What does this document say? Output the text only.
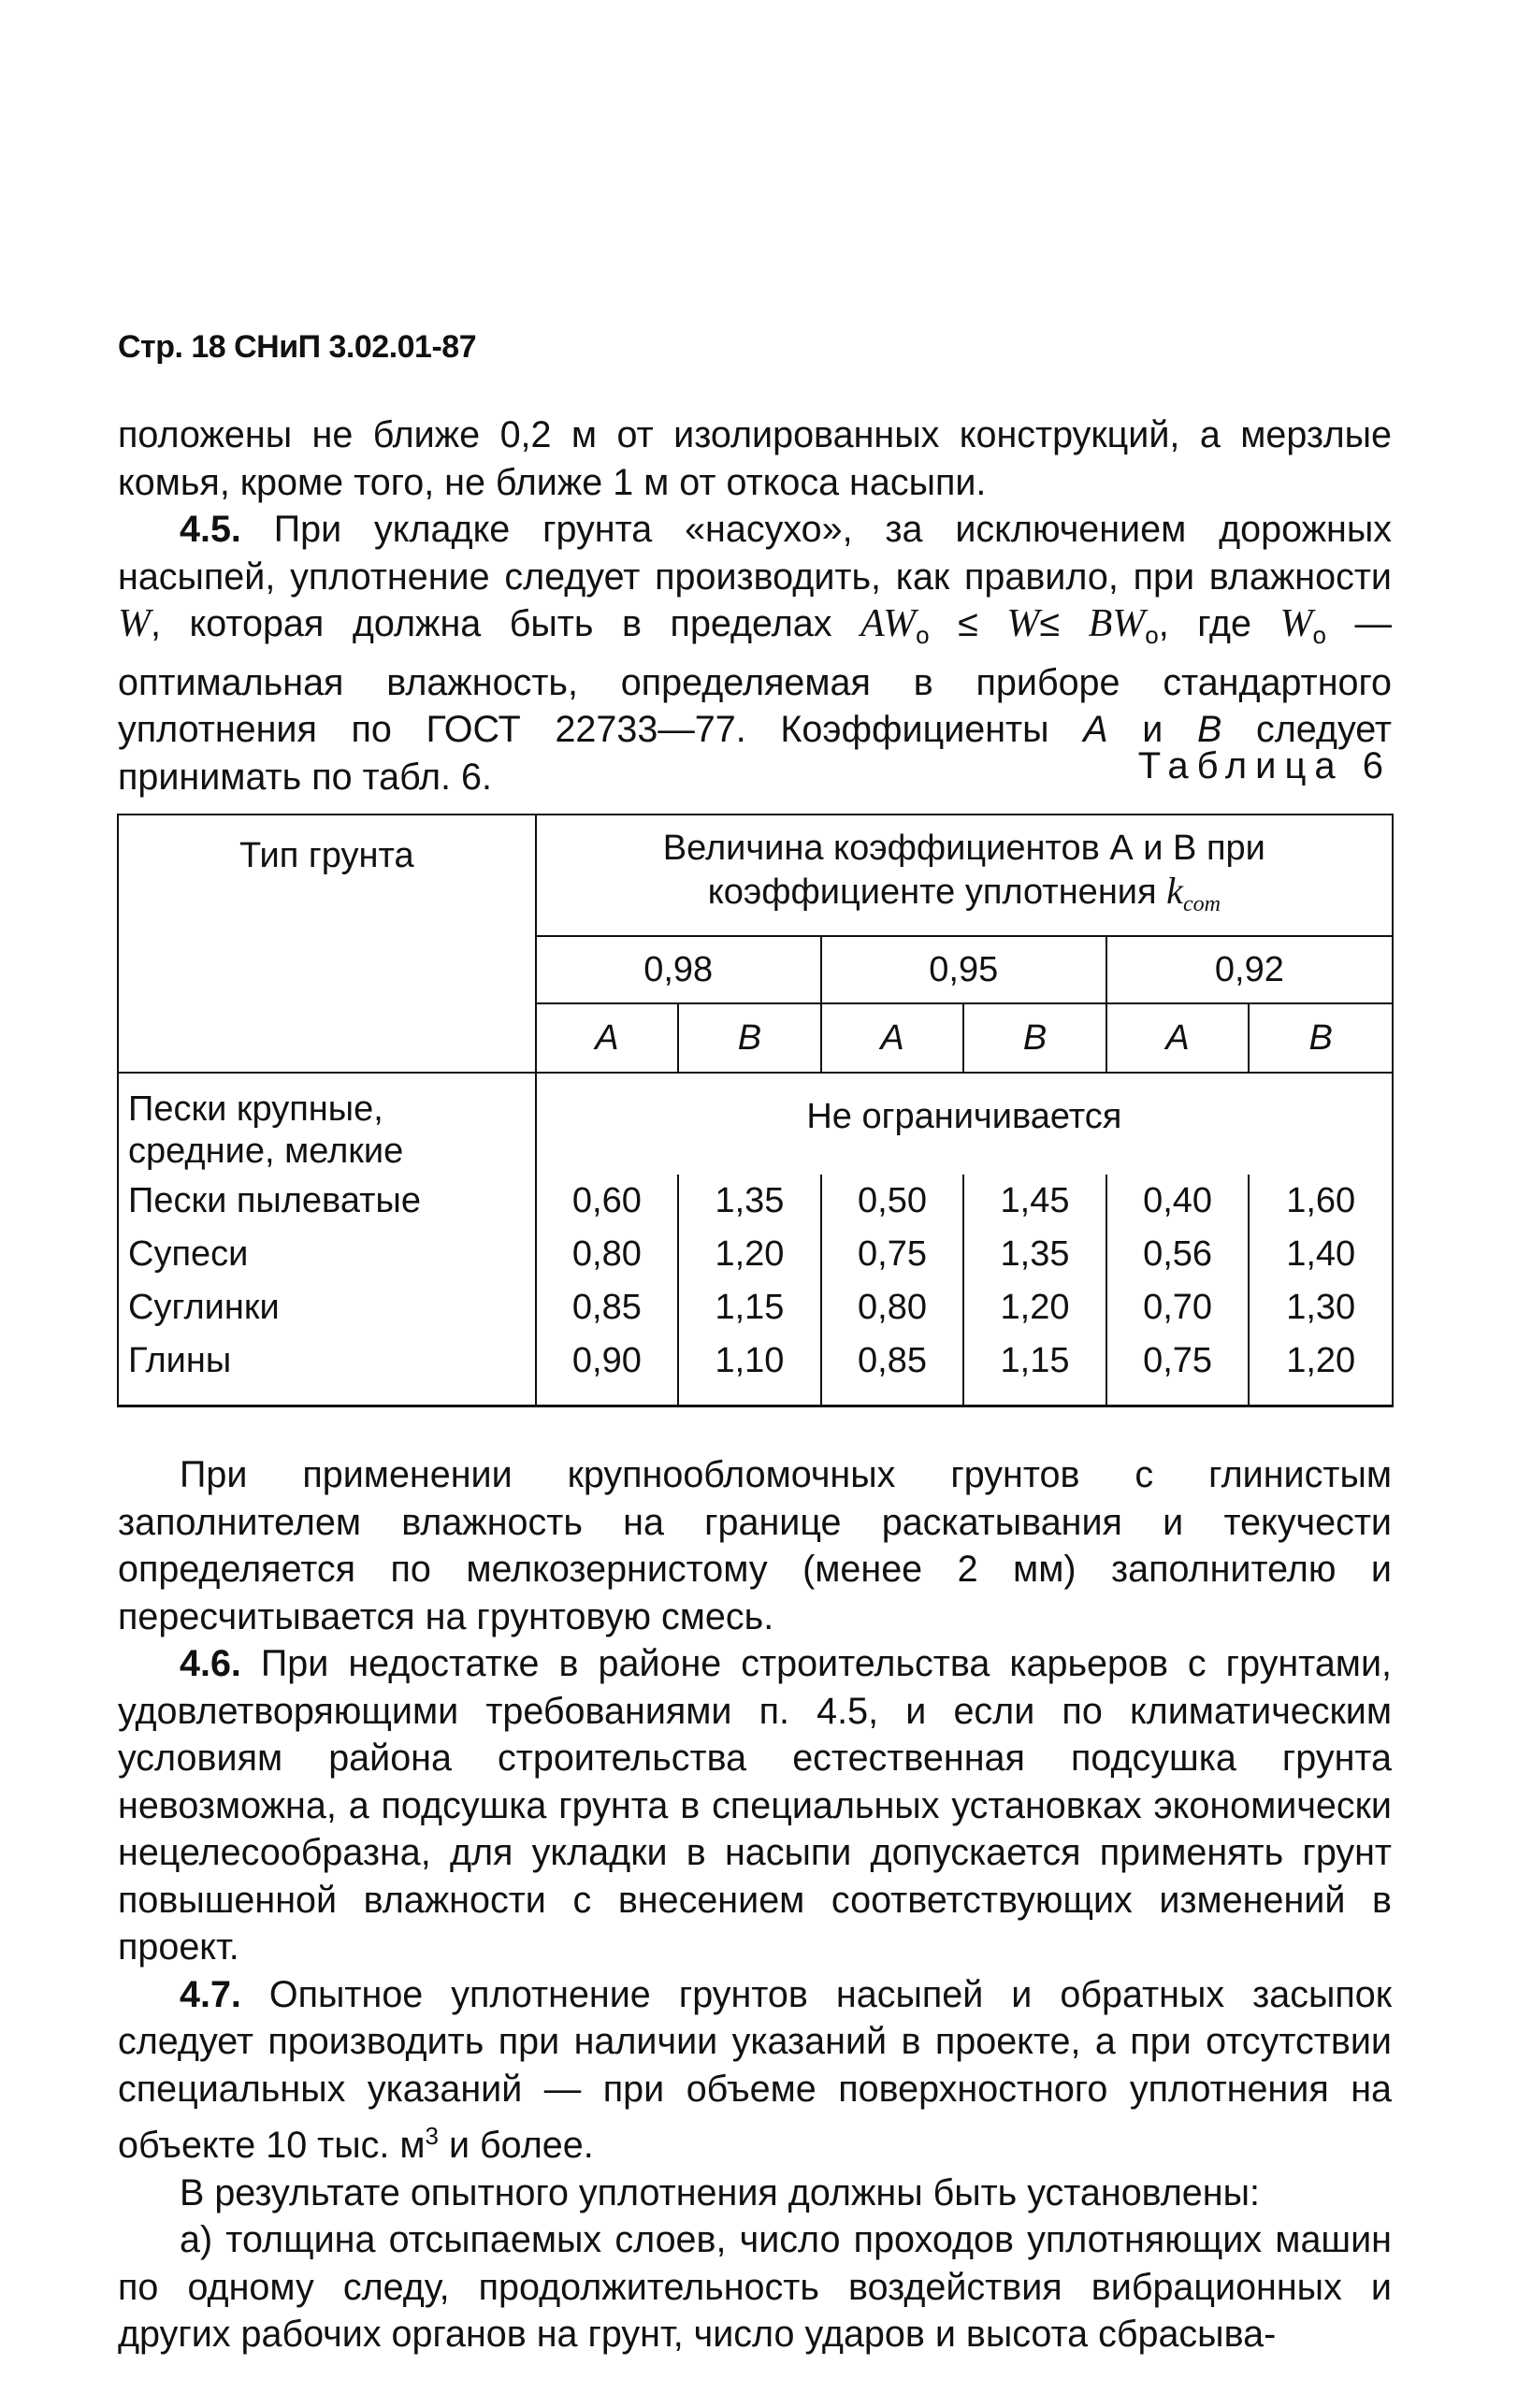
Стр. 18 СНиП 3.02.01-87

положены не ближе 0,2 м от изолированных конструкций, а мерзлые комья, кроме того, не ближе 1 м от откоса насыпи.

4.5. При укладке грунта «насухо», за исключением дорожных насыпей, уплотнение следует производить, как правило, при влажности W, которая должна быть в пределах $AW_o \le W\le BW_o$, где $W_o$ — оптимальная влажность, определяемая в приборе стандартного уплотнения по ГОСТ 22733—77. Коэффициенты А и В следует принимать по табл. 6.	Таблица 6
Тип грунта	Величина коэффициентов А и В при коэффициенте уплотнения $k_{com}$
	0,98		0,95		0,92	
	A	B	A	B	A	B
Пески крупные, средние, мелкие	Не ограничивается					
Пески пылеватые	0,60	1,35	0,50	1,45	0,40	1,60
Супеси	0,80	1,20	0,75	1,35	0,56	1,40
Суглинки	0,85	1,15	0,80	1,20	0,70	1,30
Глины	0,90	1,10	0,85	1,15	0,75	1,20

При применении крупнообломочных грунтов с глинистым заполнителем влажность на границе раскатывания и текучести определяется по мелкозернистому (менее 2 мм) заполнителю и пересчитывается на грунтовую смесь.

4.6. При недостатке в районе строительства карьеров с грунтами, удовлетворяющими требованиями п. 4.5, и если по климатическим условиям района строительства естественная подсушка грунта невозможна, а подсушка грунта в специальных установках экономически нецелесообразна, для укладки в насыпи допускается применять грунт повышенной влажности с внесением соответствующих изменений в проект.

4.7. Опытное уплотнение грунтов насыпей и обратных засыпок следует производить при наличии указаний в проекте, а при отсутствии специальных указаний — при объеме поверхностного уплотнения на объекте 10 тыс. $м^3$ и более.

В результате опытного уплотнения должны быть установлены:

а) толщина отсыпаемых слоев, число проходов уплотняющих машин по одному следу, продолжительность воздействия вибрационных и других рабочих органов на грунт, число ударов и высота сбрасыва-
